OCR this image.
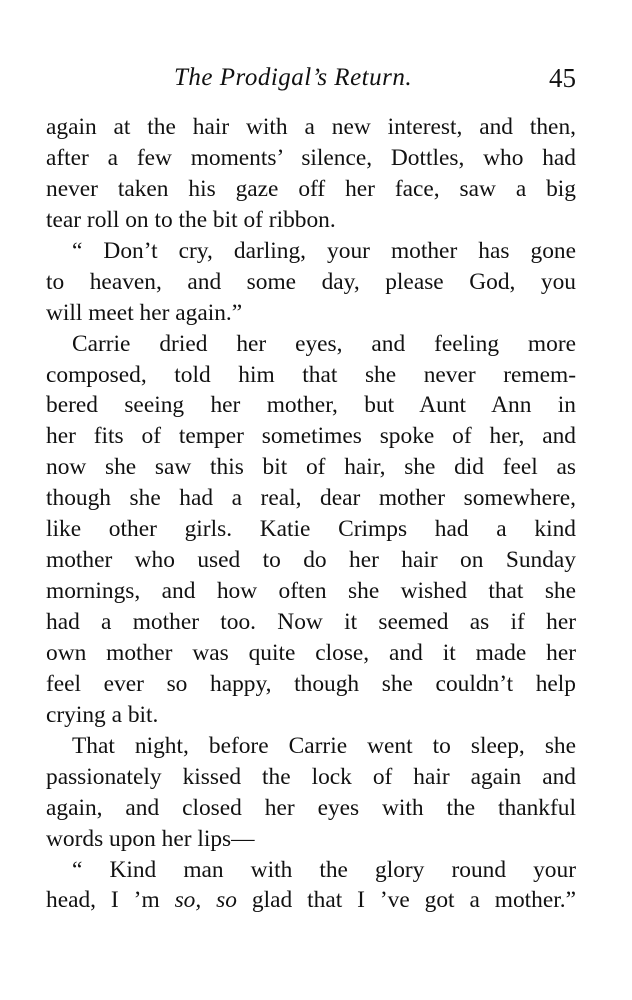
The Prodigal’s Return.	45
again at the hair with a new interest, and then,
after a few moments’ silence, Dottles, who had
never taken his gaze off her face, saw a big
tear roll on to the bit of ribbon.
“ Don’t cry, darling, your mother has gone
to heaven, and some day, please God, you
will meet her again.”
Carrie dried her eyes, and feeling more
composed, told him that she never remem-
bered seeing her mother, but Aunt Ann in
her fits of temper sometimes spoke of her, and
now she saw this bit of hair, she did feel as
though she had a real, dear mother somewhere,
like other girls. Katie Crimps had a kind
mother who used to do her hair on Sunday
mornings, and how often she wished that she
had a mother too. Now it seemed as if her
own mother was quite close, and it made her
feel ever so happy, though she couldn’t help
crying a bit.
That night, before Carrie went to sleep, she
passionately kissed the lock of hair again and
again, and closed her eyes with the thankful
words upon her lips—
“ Kind man with the glory round your
head, I ’m so, so glad that I ’ve got a mother.”
